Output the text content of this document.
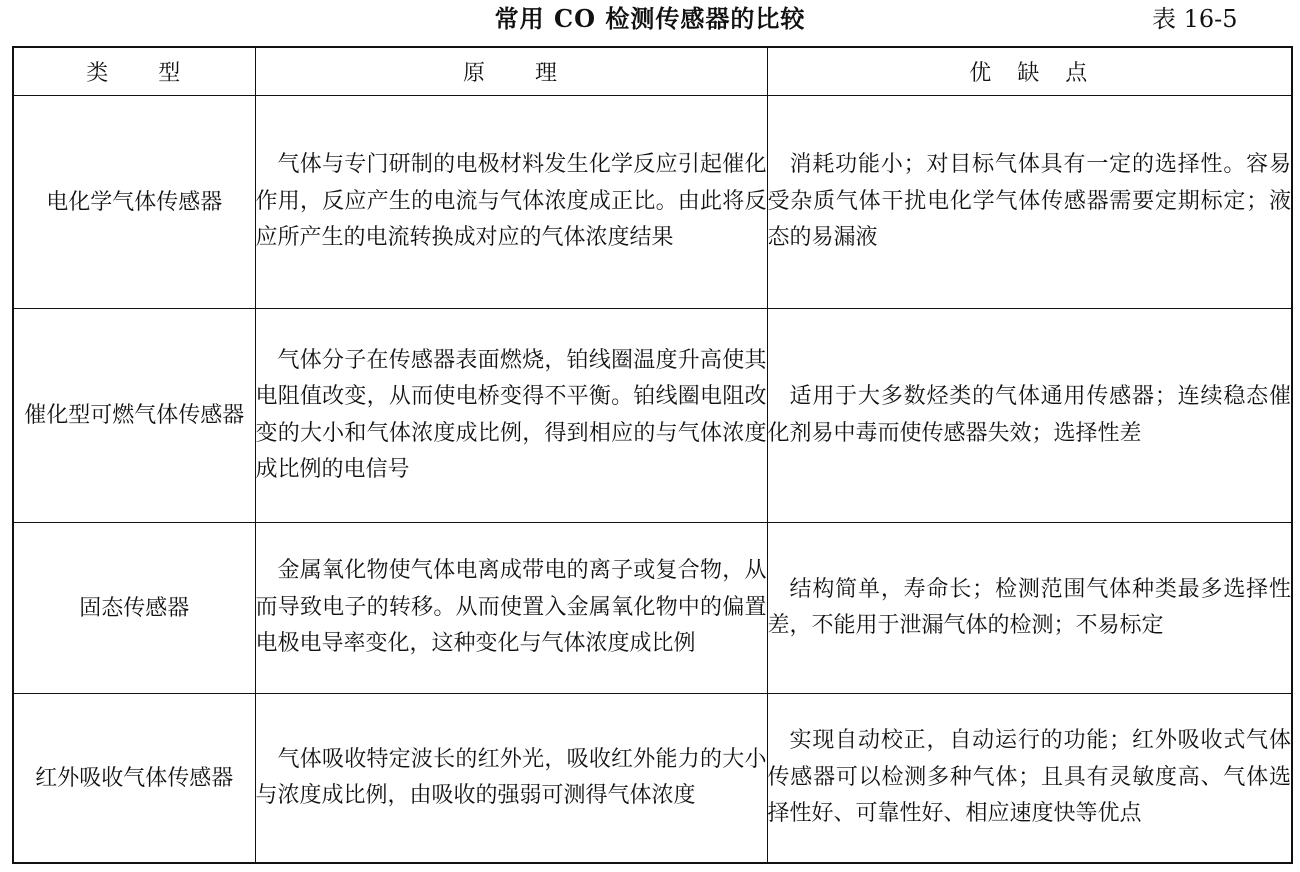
常用 CO 检测传感器的比较	表 16-5
类　　型	原　　理	优　缺　点
电化学气体传感器	气体与专门研制的电极材料发生化学反应引起催化作用，反应产生的电流与气体浓度成正比。由此将反应所产生的电流转换成对应的气体浓度结果	消耗功能小；对目标气体具有一定的选择性。容易受杂质气体干扰电化学气体传感器需要定期标定；液态的易漏液

催化型可燃气体传感器	气体分子在传感器表面燃烧，铂线圈温度升高使其电阻值改变，从而使电桥变得不平衡。铂线圈电阻改变的大小和气体浓度成比例，得到相应的与气体浓度成比例的电信号	适用于大多数烃类的气体通用传感器；连续稳态催化剂易中毒而使传感器失效；选择性差

固态传感器	金属氧化物使气体电离成带电的离子或复合物，从而导致电子的转移。从而使置入金属氧化物中的偏置电极电导率变化，这种变化与气体浓度成比例	结构简单，寿命长；检测范围气体种类最多选择性差，不能用于泄漏气体的检测；不易标定

红外吸收气体传感器	气体吸收特定波长的红外光，吸收红外能力的大小与浓度成比例，由吸收的强弱可测得气体浓度	实现自动校正，自动运行的功能；红外吸收式气体传感器可以检测多种气体；且具有灵敏度高、气体选择性好、可靠性好、相应速度快等优点
